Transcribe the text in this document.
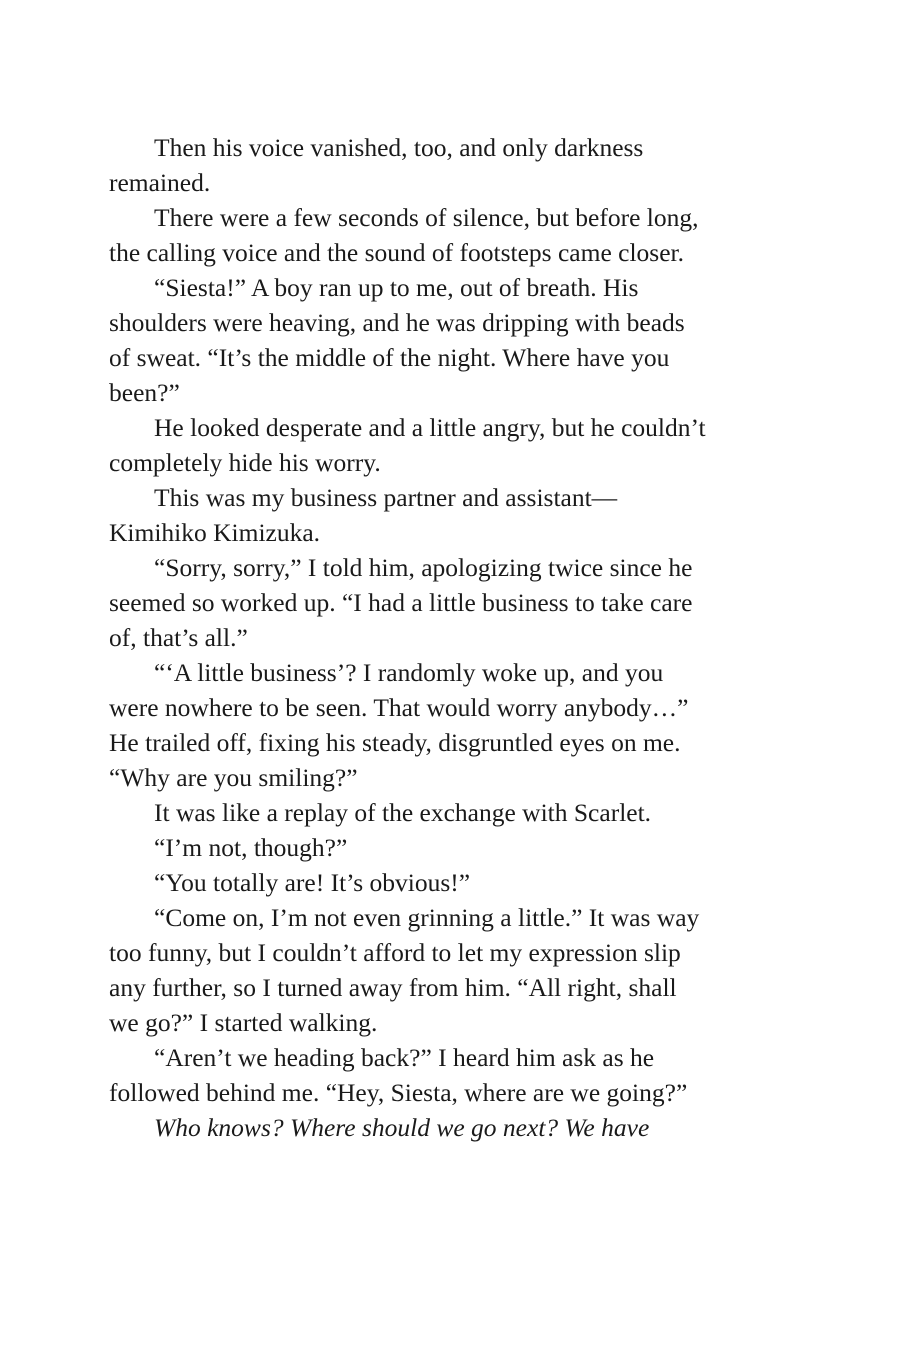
Then his voice vanished, too, and only darkness remained.

There were a few seconds of silence, but before long, the calling voice and the sound of footsteps came closer.

“Siesta!” A boy ran up to me, out of breath. His shoulders were heaving, and he was dripping with beads of sweat. “It’s the middle of the night. Where have you been?”

He looked desperate and a little angry, but he couldn’t completely hide his worry.

This was my business partner and assistant—Kimihiko Kimizuka.

“Sorry, sorry,” I told him, apologizing twice since he seemed so worked up. “I had a little business to take care of, that’s all.”

“‘A little business’? I randomly woke up, and you were nowhere to be seen. That would worry anybody…” He trailed off, fixing his steady, disgruntled eyes on me. “Why are you smiling?”

It was like a replay of the exchange with Scarlet.

“I’m not, though?”

“You totally are! It’s obvious!”

“Come on, I’m not even grinning a little.” It was way too funny, but I couldn’t afford to let my expression slip any further, so I turned away from him. “All right, shall we go?” I started walking.

“Aren’t we heading back?” I heard him ask as he followed behind me. “Hey, Siesta, where are we going?”

Who knows? Where should we go next? We have
